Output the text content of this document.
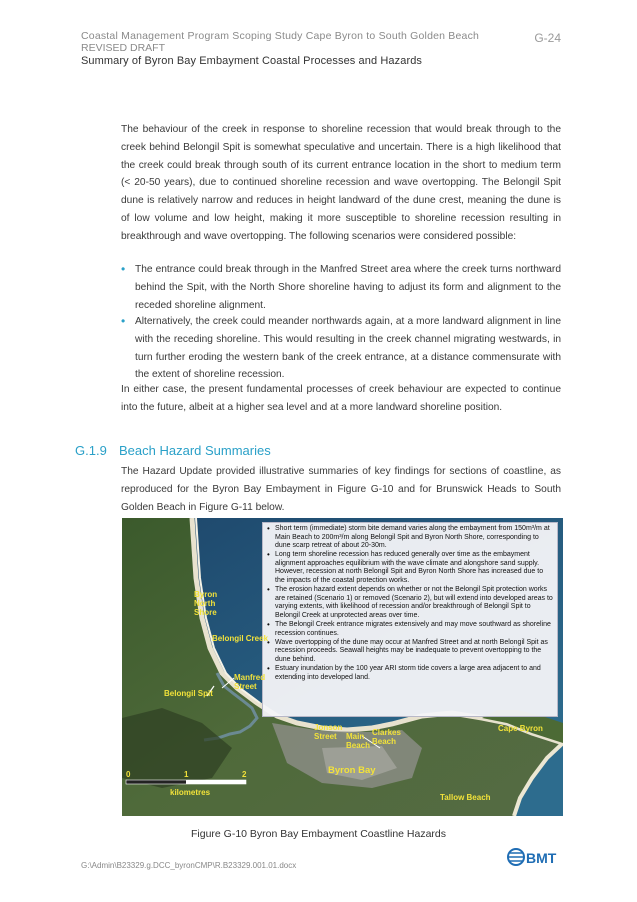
Coastal Management Program Scoping Study Cape Byron to South Golden Beach
REVISED DRAFT
G-24
Summary of Byron Bay Embayment Coastal Processes and Hazards
The behaviour of the creek in response to shoreline recession that would break through to the creek behind Belongil Spit is somewhat speculative and uncertain. There is a high likelihood that the creek could break through south of its current entrance location in the short to medium term (< 20-50 years), due to continued shoreline recession and wave overtopping. The Belongil Spit dune is relatively narrow and reduces in height landward of the dune crest, meaning the dune is of low volume and low height, making it more susceptible to shoreline recession resulting in breakthrough and wave overtopping. The following scenarios were considered possible:
• The entrance could break through in the Manfred Street area where the creek turns northward behind the Spit, with the North Shore shoreline having to adjust its form and alignment to the receded shoreline alignment.
• Alternatively, the creek could meander northwards again, at a more landward alignment in line with the receding shoreline. This would resulting in the creek channel migrating westwards, in turn further eroding the western bank of the creek entrance, at a distance commensurate with the extent of shoreline recession.
In either case, the present fundamental processes of creek behaviour are expected to continue into the future, albeit at a higher sea level and at a more landward shoreline position.
G.1.9 Beach Hazard Summaries
The Hazard Update provided illustrative summaries of key findings for sections of coastline, as reproduced for the Byron Bay Embayment in Figure G-10 and for Brunswick Heads to South Golden Beach in Figure G-11 below.
• Short term (immediate) storm bite demand varies along the embayment from 150m³/m at Main Beach to 200m³/m along Belongil Spit and Byron North Shore, corresponding to dune scarp retreat of about 20-30m.
• Long term shoreline recession has reduced generally over time as the embayment alignment approaches equilibrium with the wave climate and alongshore sand supply. However, recession at north Belongil Spit and Byron North Shore has increased due to the impacts of the coastal protection works.
• The erosion hazard extent depends on whether or not the Belongil Spit protection works are retained (Scenario 1) or removed (Scenario 2), but will extend into developed areas to varying extents, with likelihood of recession and/or breakthrough of Belongil Spit to Belongil Creek at unprotected areas over time.
• The Belongil Creek entrance migrates extensively and may move southward as shoreline recession continues.
• Wave overtopping of the dune may occur at Manfred Street and at north Belongil Spit as recession proceeds. Seawall heights may be inadequate to prevent overtopping to the dune behind.
• Estuary inundation by the 100 year ARI storm tide covers a large area adjacent to and extending into developed land.
Byron
North
Shore
Belongil Creek
Manfred
Street
Belongil Spit
Jonson
Street	Main
Beach
Clarkes
Beach
Cape Byron
Byron Bay
Tallow Beach
0	1	2
kilometres
Figure G-10 Byron Bay Embayment Coastline Hazards
G:\Admin\B23329.g.DCC_byronCMP\R.B23329.001.01.docx	BMT
